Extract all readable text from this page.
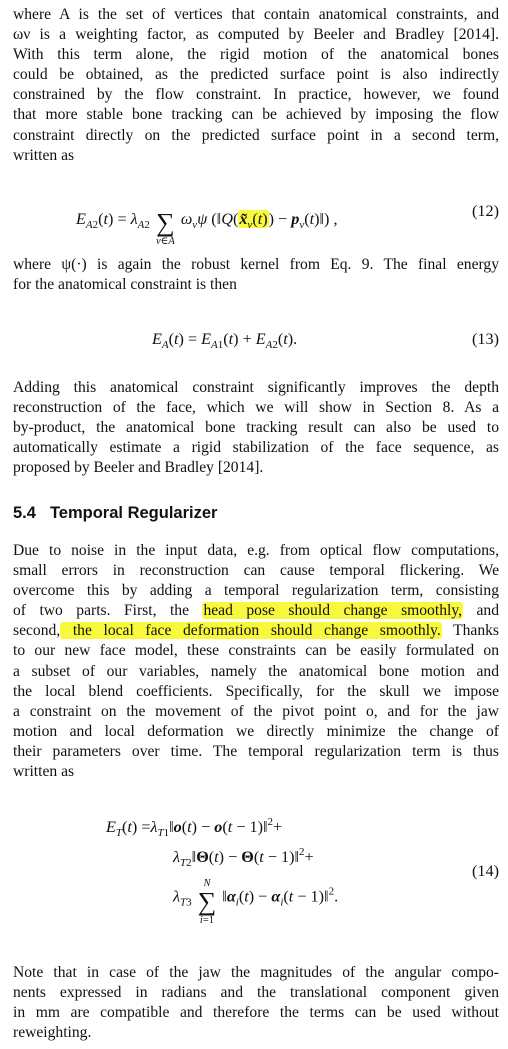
where A is the set of vertices that contain anatomical constraints, and
ων is a weighting factor, as computed by Beeler and Bradley [2014].
With this term alone, the rigid motion of the anatomical bones
could be obtained, as the predicted surface point is also indirectly
constrained by the flow constraint. In practice, however, we found
that more stable bone tracking can be achieved by imposing the flow
constraint directly on the predicted surface point in a second term,
written as
$E_{A2}(t) = \lambda_{A2}$ ∑
ν∈A
$\omega_\nu\psi$ ($‖Q(x̃_\nu(t))$ − $p_\nu(t)‖$) ,	(12)
where ψ(·) is again the robust kernel from Eq. 9. The final energy
for the anatomical constraint is then
$E_A(t) = E_{A1}(t) + E_{A2}(t)$.	(13)
Adding this anatomical constraint significantly improves the depth
reconstruction of the face, which we will show in Section 8. As a
by-product, the anatomical bone tracking result can also be used to
automatically estimate a rigid stabilization of the face sequence, as
proposed by Beeler and Bradley [2014].
5.4 Temporal Regularizer
Due to noise in the input data, e.g. from optical flow computations,
small errors in reconstruction can cause temporal flickering. We
overcome this by adding a temporal regularization term, consisting
of two parts. First, the head pose should change smoothly, and
second, the local face deformation should change smoothly. Thanks
to our new face model, these constraints can be easily formulated on
a subset of our variables, namely the anatomical bone motion and
the local blend coefficients. Specifically, for the skull we impose
a constraint on the movement of the pivot point o, and for the jaw
motion and local deformation we directly minimize the change of
their parameters over time. The temporal regularization term is thus
written as
$E_T(t)$ $=\lambda_{T1}‖o(t) - o(t$ − 1)‖$^2$+
$\lambda_{T2}‖\Theta(t) - \Theta(t$ − 1)‖$^2$+
$\lambda_{T3}$
N
∑
i=1
$‖\alpha_i(t) - \alpha_i(t$ − 1)‖$^2$.
(14)
Note that in case of the jaw the magnitudes of the angular compo-
nents expressed in radians and the translational component given
in mm are compatible and therefore the terms can be used without
reweighting.
